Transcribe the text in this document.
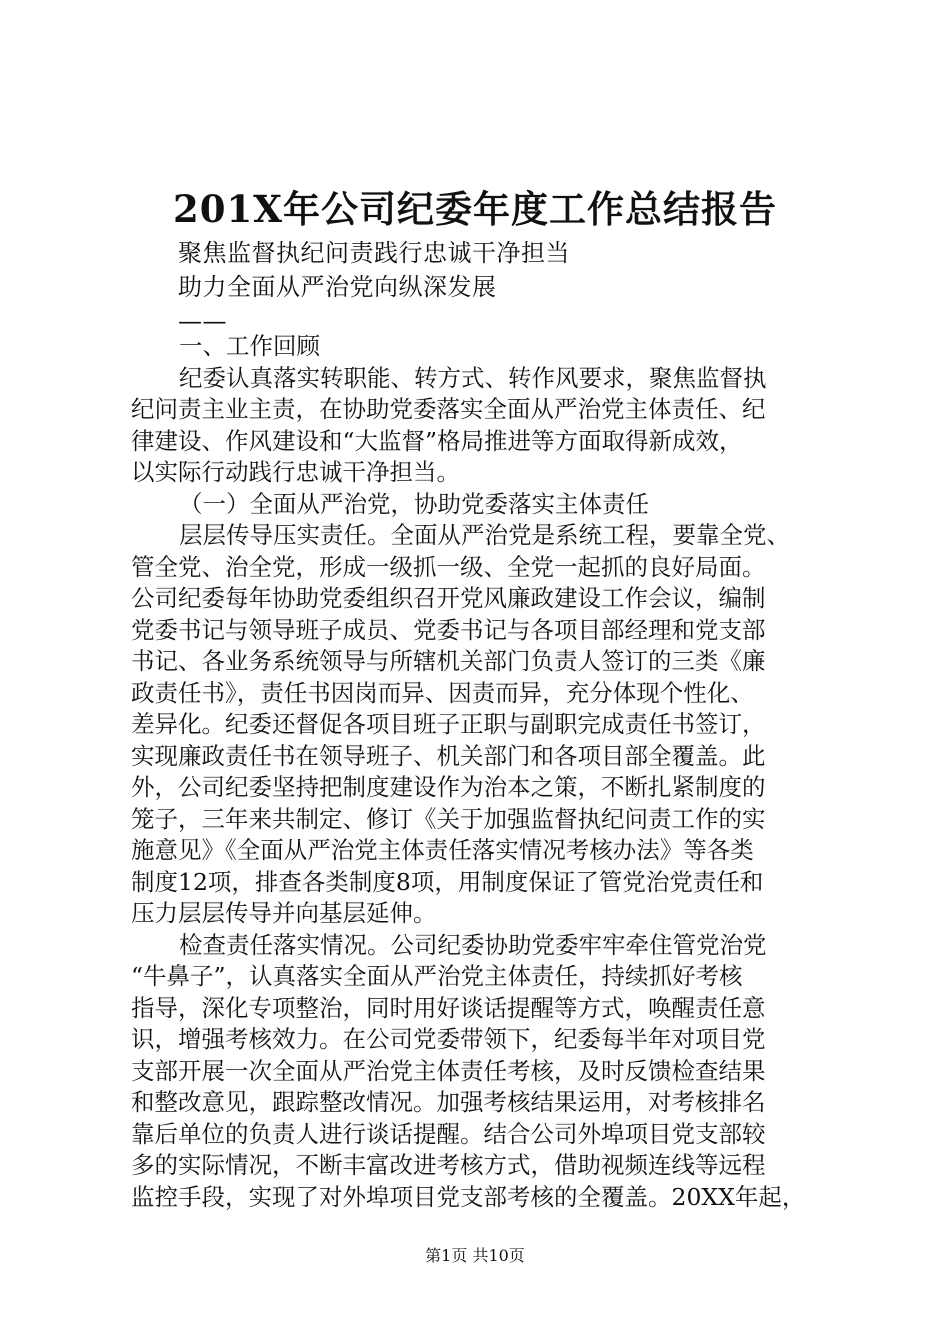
201X年公司纪委年度工作总结报告
聚焦监督执纪问责践行忠诚干净担当
助力全面从严治党向纵深发展
——
一、工作回顾
纪委认真落实转职能、转方式、转作风要求，聚焦监督执
纪问责主业主责，在协助党委落实全面从严治党主体责任、纪
律建设、作风建设和“大监督”格局推进等方面取得新成效，
以实际行动践行忠诚干净担当。
（一）全面从严治党，协助党委落实主体责任
层层传导压实责任。全面从严治党是系统工程，要靠全党、
管全党、治全党，形成一级抓一级、全党一起抓的良好局面。
公司纪委每年协助党委组织召开党风廉政建设工作会议，编制
党委书记与领导班子成员、党委书记与各项目部经理和党支部
书记、各业务系统领导与所辖机关部门负责人签订的三类《廉
政责任书》，责任书因岗而异、因责而异，充分体现个性化、
差异化。纪委还督促各项目班子正职与副职完成责任书签订，
实现廉政责任书在领导班子、机关部门和各项目部全覆盖。此
外，公司纪委坚持把制度建设作为治本之策，不断扎紧制度的
笼子，三年来共制定、修订《关于加强监督执纪问责工作的实
施意见》《全面从严治党主体责任落实情况考核办法》等各类
制度12项，排查各类制度8项，用制度保证了管党治党责任和
压力层层传导并向基层延伸。
检查责任落实情况。公司纪委协助党委牢牢牵住管党治党
“牛鼻子”，认真落实全面从严治党主体责任，持续抓好考核
指导，深化专项整治，同时用好谈话提醒等方式，唤醒责任意
识，增强考核效力。在公司党委带领下，纪委每半年对项目党
支部开展一次全面从严治党主体责任考核，及时反馈检查结果
和整改意见，跟踪整改情况。加强考核结果运用，对考核排名
靠后单位的负责人进行谈话提醒。结合公司外埠项目党支部较
多的实际情况，不断丰富改进考核方式，借助视频连线等远程
监控手段，实现了对外埠项目党支部考核的全覆盖。20XX年起，
第1页 共10页
